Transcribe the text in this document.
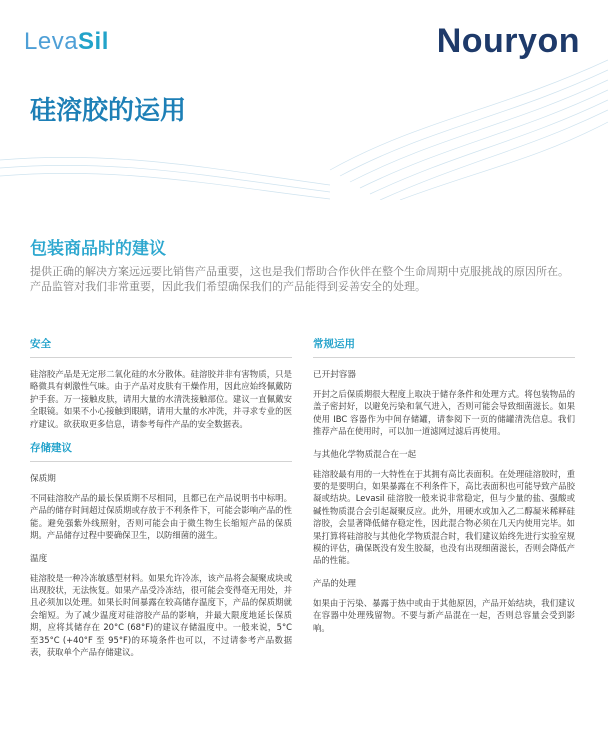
LevaSil	Nouryon
硅溶胶的运用
包装商品时的建议
提供正确的解决方案远远要比销售产品重要，这也是我们帮助合作伙伴在整个生命周期中克服挑战的原因所在。产品监管对我们非常重要，因此我们希望确保我们的产品能得到妥善安全的处理。
安全

硅溶胶产品是无定形二氧化硅的水分散体。硅溶胶并非有害物质，只是略微具有刺激性气味。由于产品对皮肤有干燥作用，因此应始终佩戴防护手套。万一接触皮肤，请用大量的水清洗接触部位。建议一直佩戴安全眼镜。如果不小心接触到眼睛，请用大量的水冲洗，并寻求专业的医疗建议。欲获取更多信息，请参考每件产品的安全数据表。

存储建议
保质期

不同硅溶胶产品的最长保质期不尽相同，且都已在产品说明书中标明。产品的储存时间超过保质期或存放于不利条件下，可能会影响产品的性能。避免强紫外线照射，否则可能会由于微生物生长缩短产品的保质期。产品储存过程中要确保卫生，以防细菌的滋生。

温度

硅溶胶是一种冷冻敏感型材料。如果允许冷冻，该产品将会凝聚成块或出现胶状，无法恢复。如果产品受冷冻结，很可能会变得毫无用处，并且必须加以处理。如果长时间暴露在较高储存温度下，产品的保质期就会缩短。为了减少温度对硅溶胶产品的影响，并最大限度地延长保质期，应将其储存在 20°C (68°F)的建议存储温度中。一般来说，5°C 至35°C (+40°F 至 95°F)的环境条件也可以，不过请参考产品数据表，获取单个产品存储建议。

常规运用
已开封容器

开封之后保质期很大程度上取决于储存条件和处理方式。将包装物品的盖子密封好，以避免污染和氧气进入，否则可能会导致细菌滋长。如果使用 IBC 容器作为中间存储罐，请参阅下一页的储罐清洗信息。我们推荐产品在使用时，可以加一道滤网过滤后再使用。

与其他化学物质混合在一起

硅溶胶最有用的一大特性在于其拥有高比表面积。在处理硅溶胶时，重要的是要明白，如果暴露在不利条件下，高比表面积也可能导致产品胶凝或结块。Levasil 硅溶胶一般来说非常稳定，但与少量的盐、强酸或碱性物质混合会引起凝聚反应。此外，用硬水或加入乙二醇凝米稀释硅溶胶，会显著降低储存稳定性，因此混合物必须在几天内使用完毕。如果打算将硅溶胶与其他化学物质混合时，我们建议始终先进行实验室规模的评估，确保既没有发生胶凝，也没有出现细菌滋长，否则会降低产品的性能。

产品的处理

如果由于污染、暴露于热中或由于其他原因，产品开始结块，我们建议在容器中处理残留物。不要与新产品混在一起，否则总容量会受到影响。
